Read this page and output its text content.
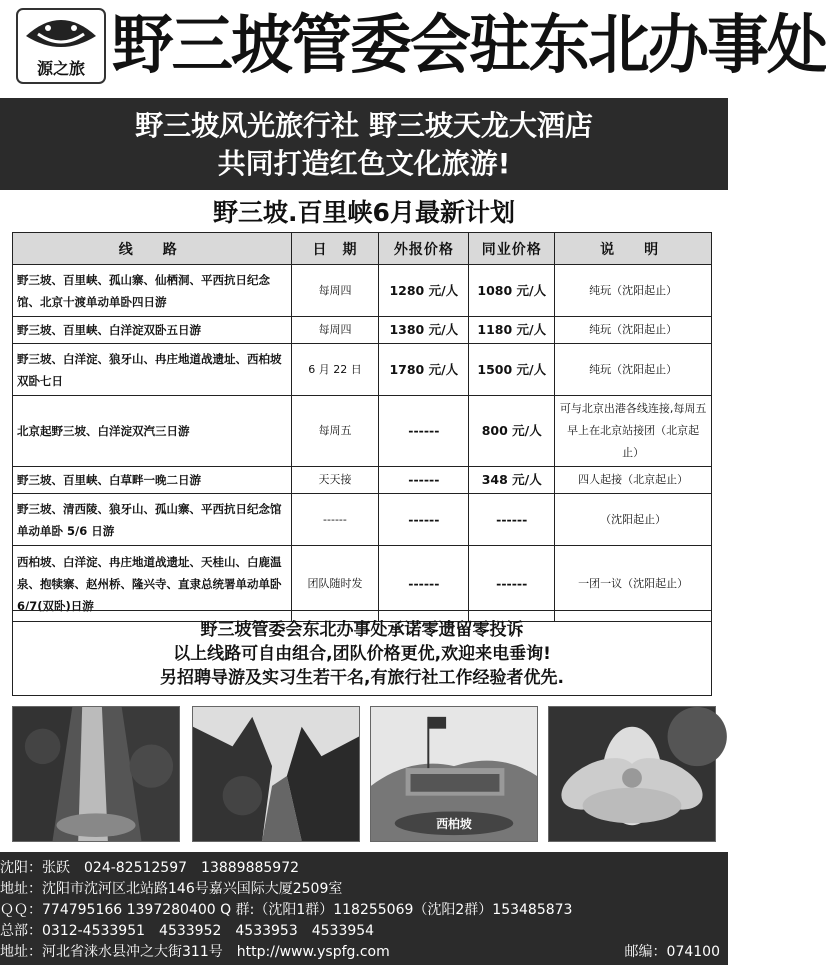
源之旅 野三坡管委会驻东北办事处
野三坡风光旅行社 野三坡天龙大酒店
共同打造红色文化旅游!
野三坡.百里峡6月最新计划
线　路	日　期	外报价格	同业价格	说　明
野三坡、百里峡、孤山寨、仙栖洞、平西抗日纪念馆、北京十渡单动单卧四日游	每周四	1280 元/人	1080 元/人	纯玩（沈阳起止）
野三坡、百里峡、白洋淀双卧五日游	每周四	1380 元/人	1180 元/人	纯玩（沈阳起止）
野三坡、白洋淀、狼牙山、冉庄地道战遗址、西柏坡双卧七日	6 月 22 日	1780 元/人	1500 元/人	纯玩（沈阳起止）
北京起野三坡、白洋淀双汽三日游	每周五	------	800 元/人	可与北京出港各线连接,每周五早上在北京站接团（北京起止）
野三坡、百里峡、白草畔一晚二日游	天天接	------	348 元/人	四人起接（北京起止）
野三坡、清西陵、狼牙山、孤山寨、平西抗日纪念馆单动单卧 5/6 日游	------	------	------	（沈阳起止）
西柏坡、白洋淀、冉庄地道战遗址、天桂山、白鹿温泉、抱犊寨、赵州桥、隆兴寺、直隶总统署单动单卧 6/7(双卧)日游	团队随时发	------	------	一团一议（沈阳起止）
野三坡管委会东北办事处承诺零遗留零投诉
以上线路可自由组合,团队价格更优,欢迎来电垂询!
另招聘导游及实习生若干名,有旅行社工作经验者优先.
西柏坡
沈阳：张跃　024-82512597　13889885972
地址：沈阳市沈河区北站路146号嘉兴国际大厦2509室
ＱＱ：774795166 1397280400 Q 群:（沈阳1群）118255069（沈阳2群）153485873
总部：0312-4533951　4533952　4533953　4533954
地址：河北省涞水县冲之大街311号　http://www.yspfg.com	邮编：074100
